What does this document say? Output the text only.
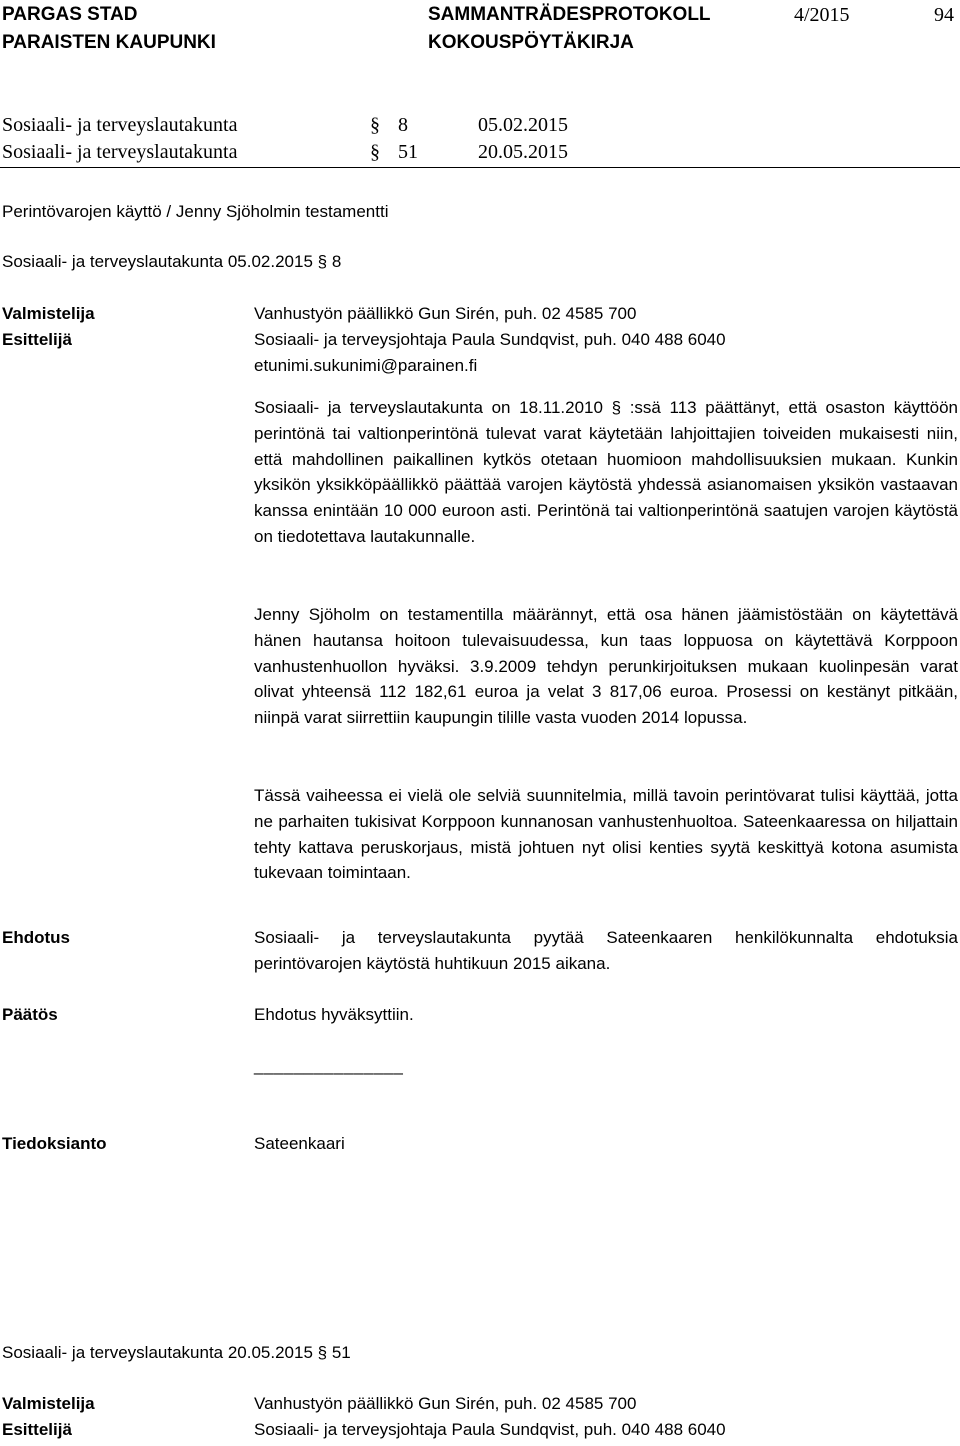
PARGAS STAD
PARAISTEN KAUPUNKI
SAMMANTRÄDESPROTOKOLL
KOKOUSPÖYTÄKIRJA
4/2015	94
Sosiaali- ja terveyslautakunta	§ 8	05.02.2015
Sosiaali- ja terveyslautakunta	§ 51	20.05.2015
Perintövarojen käyttö / Jenny Sjöholmin testamentti
Sosiaali- ja terveyslautakunta 05.02.2015 § 8
Valmistelija	Vanhustyön päällikkö Gun Sirén, puh. 02 4585 700
Esittelijä	Sosiaali- ja terveysjohtaja Paula Sundqvist, puh. 040 488 6040
etunimi.sukunimi@parainen.fi

Sosiaali- ja terveyslautakunta on 18.11.2010 § :ssä 113 päättänyt, että osaston käyttöön perintönä tai valtionperintönä tulevat varat käytetään lahjoittajien toiveiden mukaisesti niin, että mahdollinen paikallinen kytkös otetaan huomioon mahdollisuuksien mukaan. Kunkin yksikön yksikköpäällikkö päättää varojen käytöstä yhdessä asianomaisen yksikön vastaavan kanssa enintään 10 000 euroon asti. Perintönä tai valtionperintönä saatujen varojen käytöstä on tiedotettava lautakunnalle.

Jenny Sjöholm on testamentilla määrännyt, että osa hänen jäämistöstään on käytettävä hänen hautansa hoitoon tulevaisuudessa, kun taas loppuosa on käytettävä Korppoon vanhustenhuollon hyväksi. 3.9.2009 tehdyn perunkirjoituksen mukaan kuolinpesän varat olivat yhteensä 112 182,61 euroa ja velat 3 817,06 euroa. Prosessi on kestänyt pitkään, niinpä varat siirrettiin kaupungin tilille vasta vuoden 2014 lopussa.

Tässä vaiheessa ei vielä ole selviä suunnitelmia, millä tavoin perintövarat tulisi käyttää, jotta ne parhaiten tukisivat Korppoon kunnanosan vanhustenhuoltoa. Sateenkaaressa on hiljattain tehty kattava peruskorjaus, mistä johtuen nyt olisi kenties syytä keskittyä kotona asumista tukevaan toimintaan.

Ehdotus	Sosiaali- ja terveyslautakunta pyytää Sateenkaaren henkilökunnalta ehdotuksia perintövarojen käytöstä huhtikuun 2015 aikana.

Päätös	Ehdotus hyväksyttiin.
_______________
Tiedoksianto	Sateenkaari
Sosiaali- ja terveyslautakunta 20.05.2015 § 51
Valmistelija	Vanhustyön päällikkö Gun Sirén, puh. 02 4585 700
Esittelijä	Sosiaali- ja terveysjohtaja Paula Sundqvist, puh. 040 488 6040
